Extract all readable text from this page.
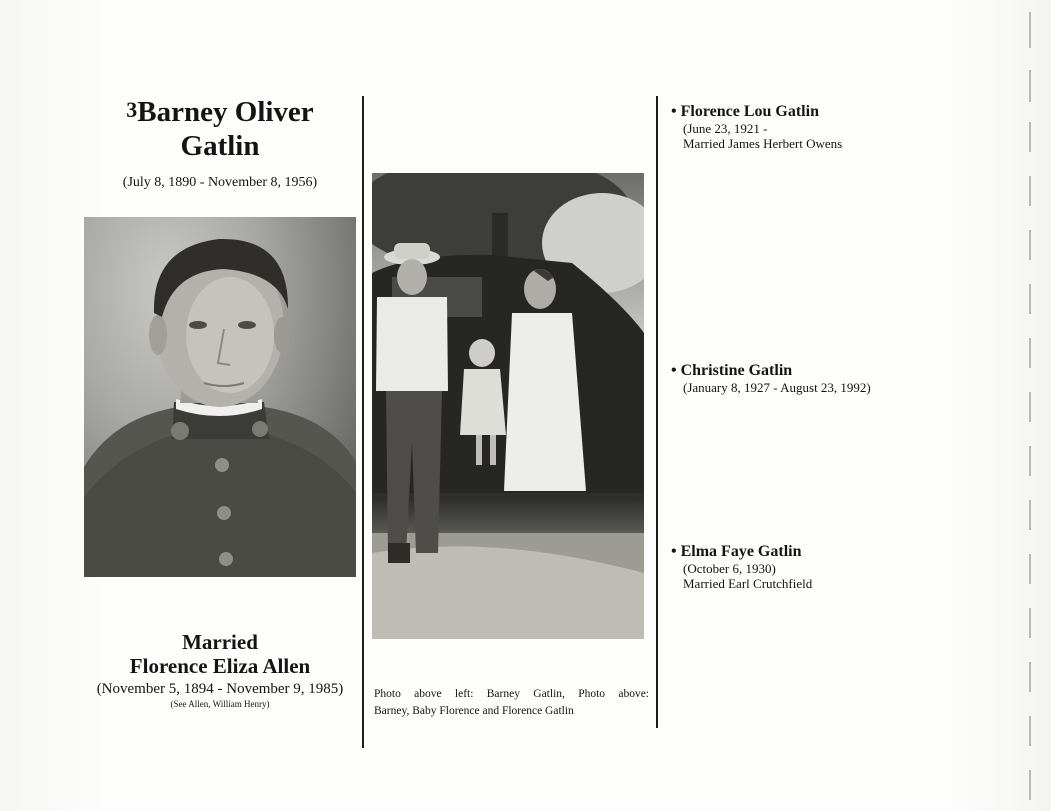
$^3$Barney Oliver
Gatlin
(July 8, 1890 - November 8, 1956)
Married
Florence Eliza Allen
(November 5, 1894 - November 9, 1985)
(See Allen, William Henry)
Photo above left: Barney Gatlin, Photo above:
Barney, Baby Florence and Florence Gatlin
• Florence Lou Gatlin
(June 23, 1921 -
Married James Herbert Owens
• Christine Gatlin
(January 8, 1927 - August 23, 1992)
• Elma Faye Gatlin
(October 6, 1930)
Married Earl Crutchfield
